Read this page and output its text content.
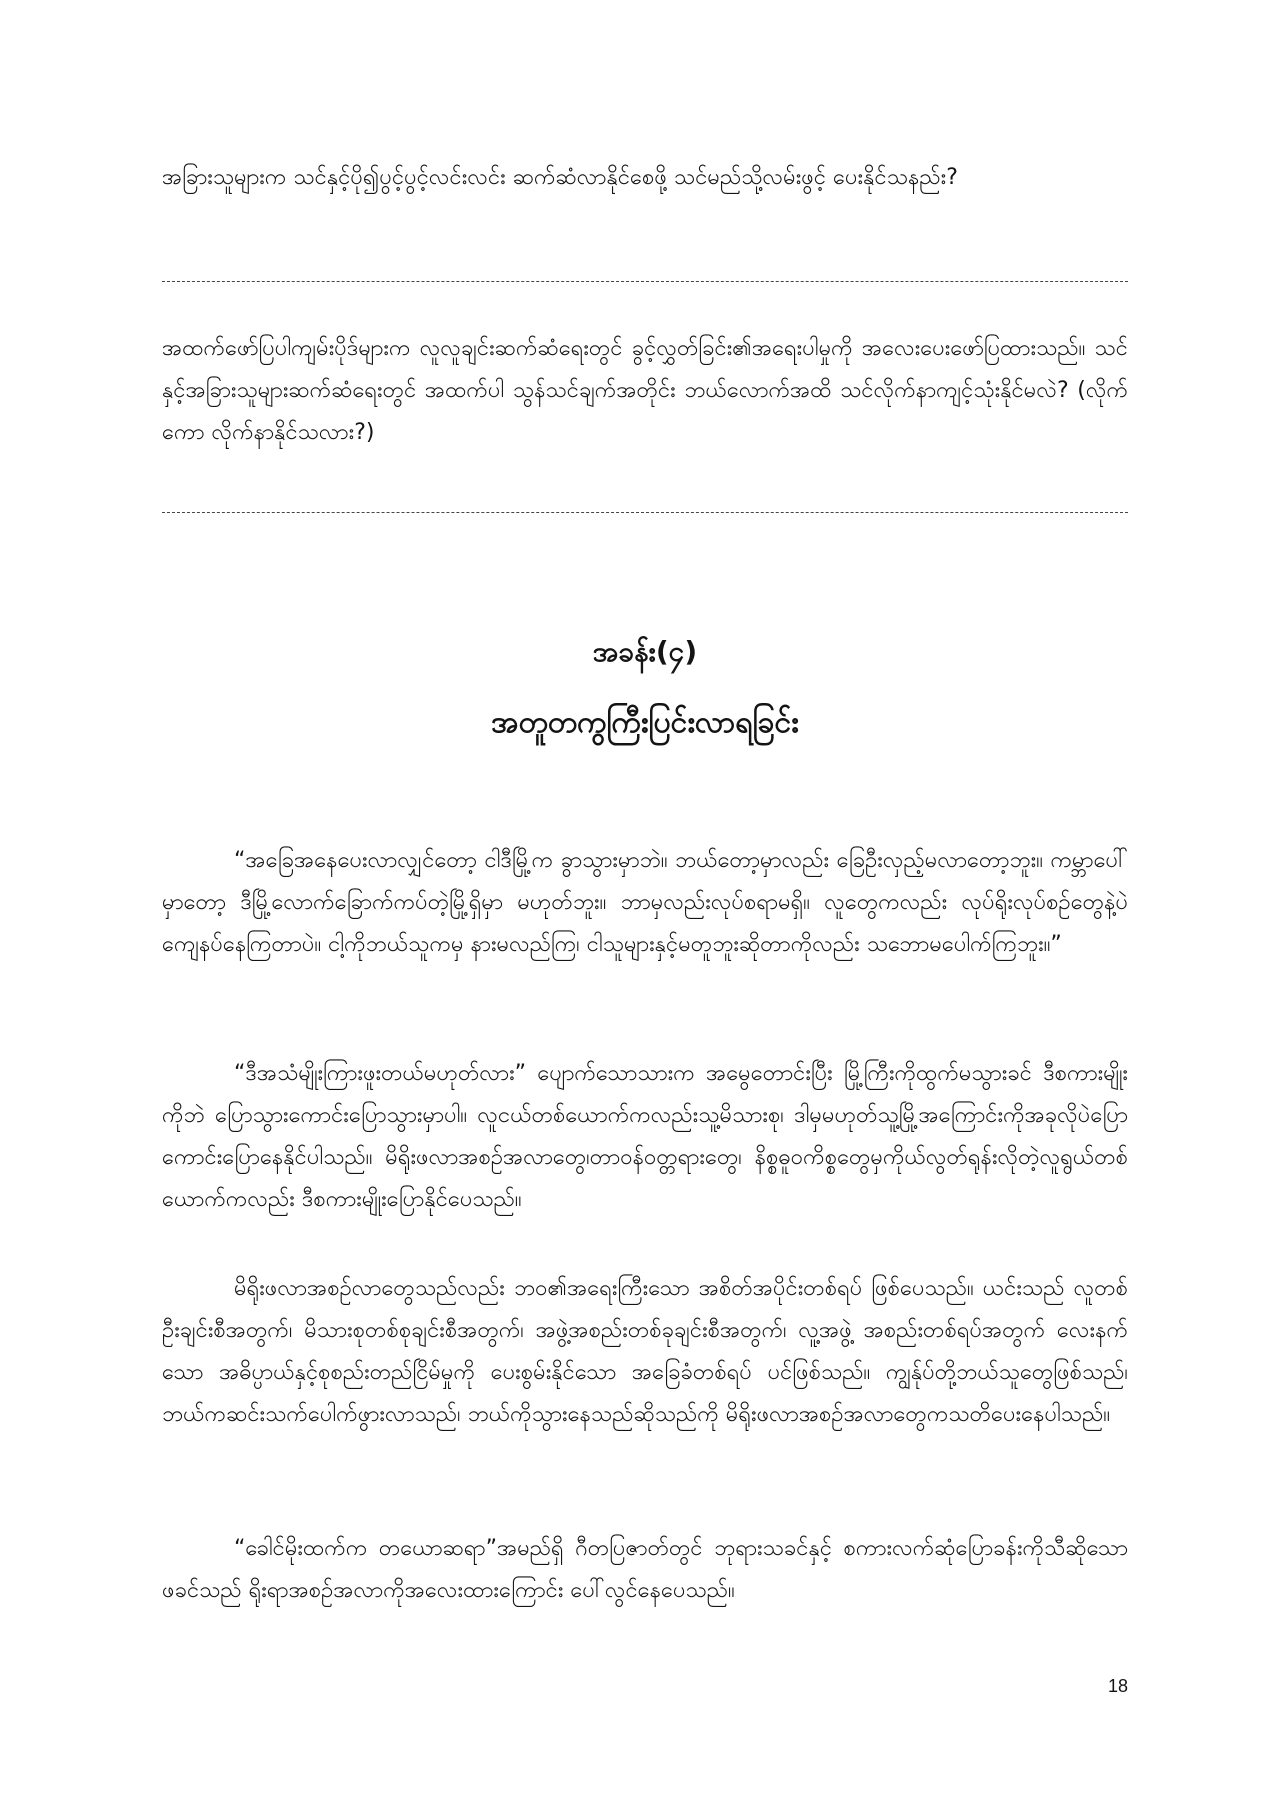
အခြားသူများက သင်နှင့်ပို၍ပွင့်ပွင့်လင်းလင်း ဆက်ဆံလာနိုင်စေဖို့ သင်မည်သို့လမ်းဖွင့် ပေးနိုင်သနည်း?

အထက်ဖော်ပြပါကျမ်းပိုဒ်များက လူလူချင်းဆက်ဆံရေးတွင် ခွင့်လွှတ်ခြင်း၏အရေးပါမှုကို အလေးပေးဖော်ပြထားသည်။ သင်နှင့်အခြားသူများဆက်ဆံရေးတွင် အထက်ပါ သွန်သင်ချက်အတိုင်း ဘယ်လောက်အထိ သင်လိုက်နာကျင့်သုံးနိုင်မလဲ? (လိုက်ကော လိုက်နာနိုင်သလား?)

အခန်း(၄)
အတူတကွကြီးပြင်းလာရခြင်း

“အခြေအနေပေးလာလျှင်တော့ ငါဒီမြို့က ခွာသွားမှာဘဲ။ ဘယ်တော့မှာလည်း ခြေဦးလှည့်မလာတော့ဘူး။ ကမ္ဘာပေါ်မှာတော့ ဒီမြို့လောက်ခြောက်ကပ်တဲ့မြို့ရှိမှာ မဟုတ်ဘူး။ ဘာမှလည်းလုပ်စရာမရှိ။ လူတွေကလည်း လုပ်ရိုးလုပ်စဉ်တွေနဲ့ပဲ ကျေနပ်နေကြတာပဲ။ ငါ့ကိုဘယ်သူကမှ နားမလည်ကြ၊ ငါသူများနှင့်မတူဘူးဆိုတာကိုလည်း သဘောမပေါက်ကြဘူး။”

“ဒီအသံမျိုးကြားဖူးတယ်မဟုတ်လား” ပျောက်သောသားက အမွေတောင်းပြီး မြို့ကြီးကိုထွက်မသွားခင် ဒီစကားမျိုးကိုဘဲ ပြောသွားကောင်းပြောသွားမှာပါ။ လူငယ်တစ်ယောက်ကလည်းသူ့မိသားစု၊ ဒါမှမဟုတ်သူ့မြို့အကြောင်းကိုအခုလိုပဲပြောကောင်းပြောနေနိုင်ပါသည်။ မိရိုးဖလာအစဉ်အလာတွေ၊တာဝန်ဝတ္တရားတွေ၊ နိစ္စဓူဝကိစ္စတွေမှကိုယ်လွတ်ရုန်းလိုတဲ့လူရွယ်တစ်ယောက်ကလည်း ဒီစကားမျိုးပြောနိုင်ပေသည်။

မိရိုးဖလာအစဉ်လာတွေသည်လည်း ဘဝ၏အရေးကြီးသော အစိတ်အပိုင်းတစ်ရပ် ဖြစ်ပေသည်။ ယင်းသည် လူတစ်ဦးချင်းစီအတွက်၊ မိသားစုတစ်စုချင်းစီအတွက်၊ အဖွဲ့အစည်းတစ်ခုချင်းစီအတွက်၊ လူ့အဖွဲ့ အစည်းတစ်ရပ်အတွက် လေးနက်သော အဓိပ္ပာယ်နှင့်စုစည်းတည်ငြိမ်မှုကို ပေးစွမ်းနိုင်သော အခြေခံတစ်ရပ် ပင်ဖြစ်သည်။ ကျွန်ုပ်တို့ဘယ်သူတွေဖြစ်သည်၊ ဘယ်ကဆင်းသက်ပေါက်ဖွားလာသည်၊ ဘယ်ကိုသွားနေသည်ဆိုသည်ကို မိရိုးဖလာအစဉ်အလာတွေကသတိပေးနေပါသည်။

“ခေါင်မိုးထက်က တယောဆရာ”အမည်ရှိ ဂီတပြဇာတ်တွင် ဘုရားသခင်နှင့် စကားလက်ဆုံပြောခန်းကိုသီဆိုသောဖခင်သည် ရိုးရာအစဉ်အလာကိုအလေးထားကြောင်း ပေါ်လွင်နေပေသည်။

18
